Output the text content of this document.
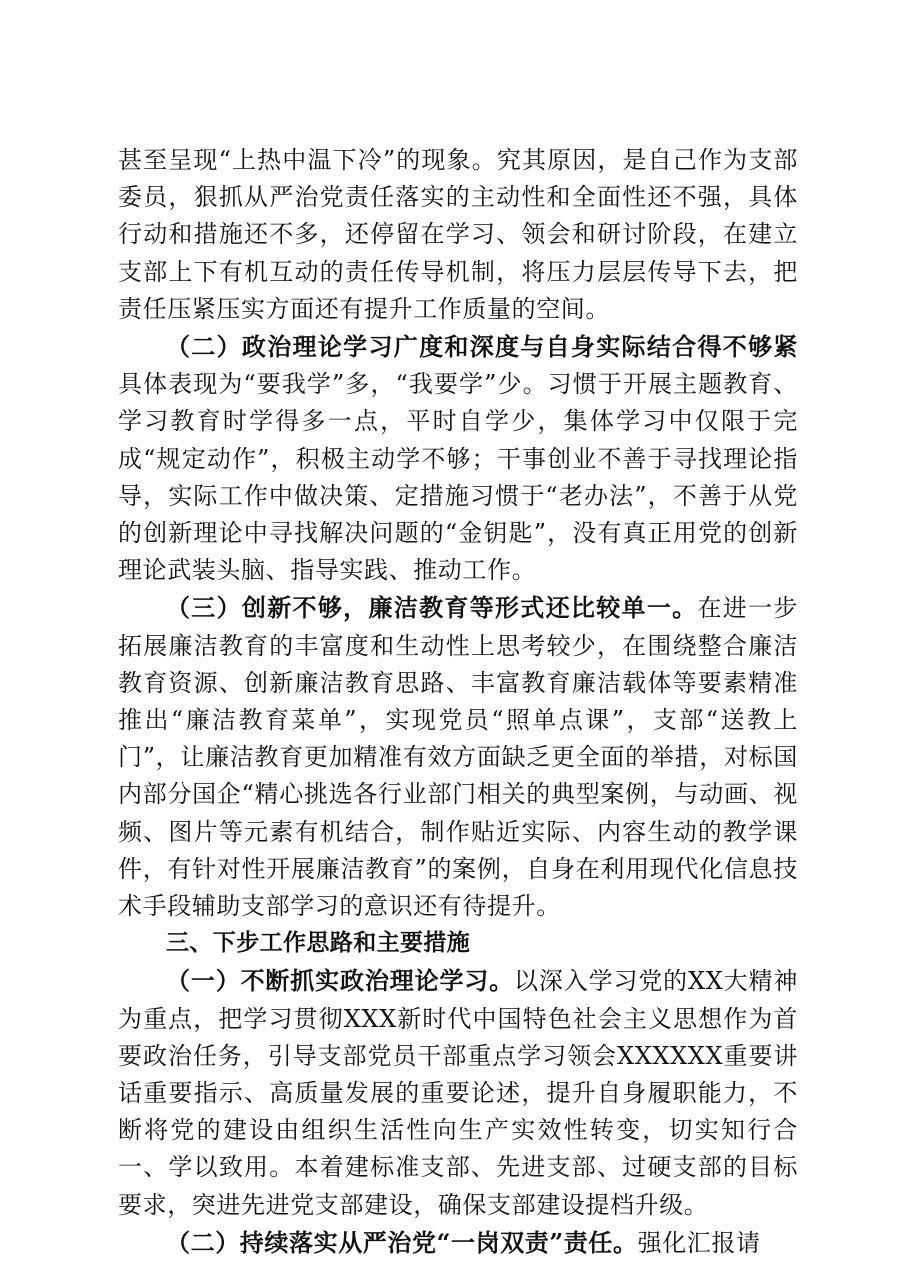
甚至呈现“上热中温下冷”的现象。究其原因，是自己作为支部委员，狠抓从严治党责任落实的主动性和全面性还不强，具体行动和措施还不多，还停留在学习、领会和研讨阶段，在建立支部上下有机互动的责任传导机制，将压力层层传导下去，把责任压紧压实方面还有提升工作质量的空间。

（二）政治理论学习广度和深度与自身实际结合得不够紧具体表现为“要我学”多，“我要学”少。习惯于开展主题教育、学习教育时学得多一点，平时自学少，集体学习中仅限于完成“规定动作”，积极主动学不够；干事创业不善于寻找理论指导，实际工作中做决策、定措施习惯于“老办法”，不善于从党的创新理论中寻找解决问题的“金钥匙”，没有真正用党的创新理论武装头脑、指导实践、推动工作。

（三）创新不够，廉洁教育等形式还比较单一。在进一步拓展廉洁教育的丰富度和生动性上思考较少，在围绕整合廉洁教育资源、创新廉洁教育思路、丰富教育廉洁载体等要素精准推出“廉洁教育菜单”，实现党员“照单点课”，支部“送教上门”，让廉洁教育更加精准有效方面缺乏更全面的举措，对标国内部分国企“精心挑选各行业部门相关的典型案例，与动画、视频、图片等元素有机结合，制作贴近实际、内容生动的教学课件，有针对性开展廉洁教育”的案例，自身在利用现代化信息技术手段辅助支部学习的意识还有待提升。

三、下步工作思路和主要措施

（一）不断抓实政治理论学习。以深入学习党的XX大精神为重点，把学习贯彻XXX新时代中国特色社会主义思想作为首要政治任务，引导支部党员干部重点学习领会XXXXXX重要讲话重要指示、高质量发展的重要论述，提升自身履职能力，不断将党的建设由组织生活性向生产实效性转变，切实知行合一、学以致用。本着建标准支部、先进支部、过硬支部的目标要求，突进先进党支部建设，确保支部建设提档升级。

（二）持续落实从严治党“一岗双责”责任。强化汇报请
